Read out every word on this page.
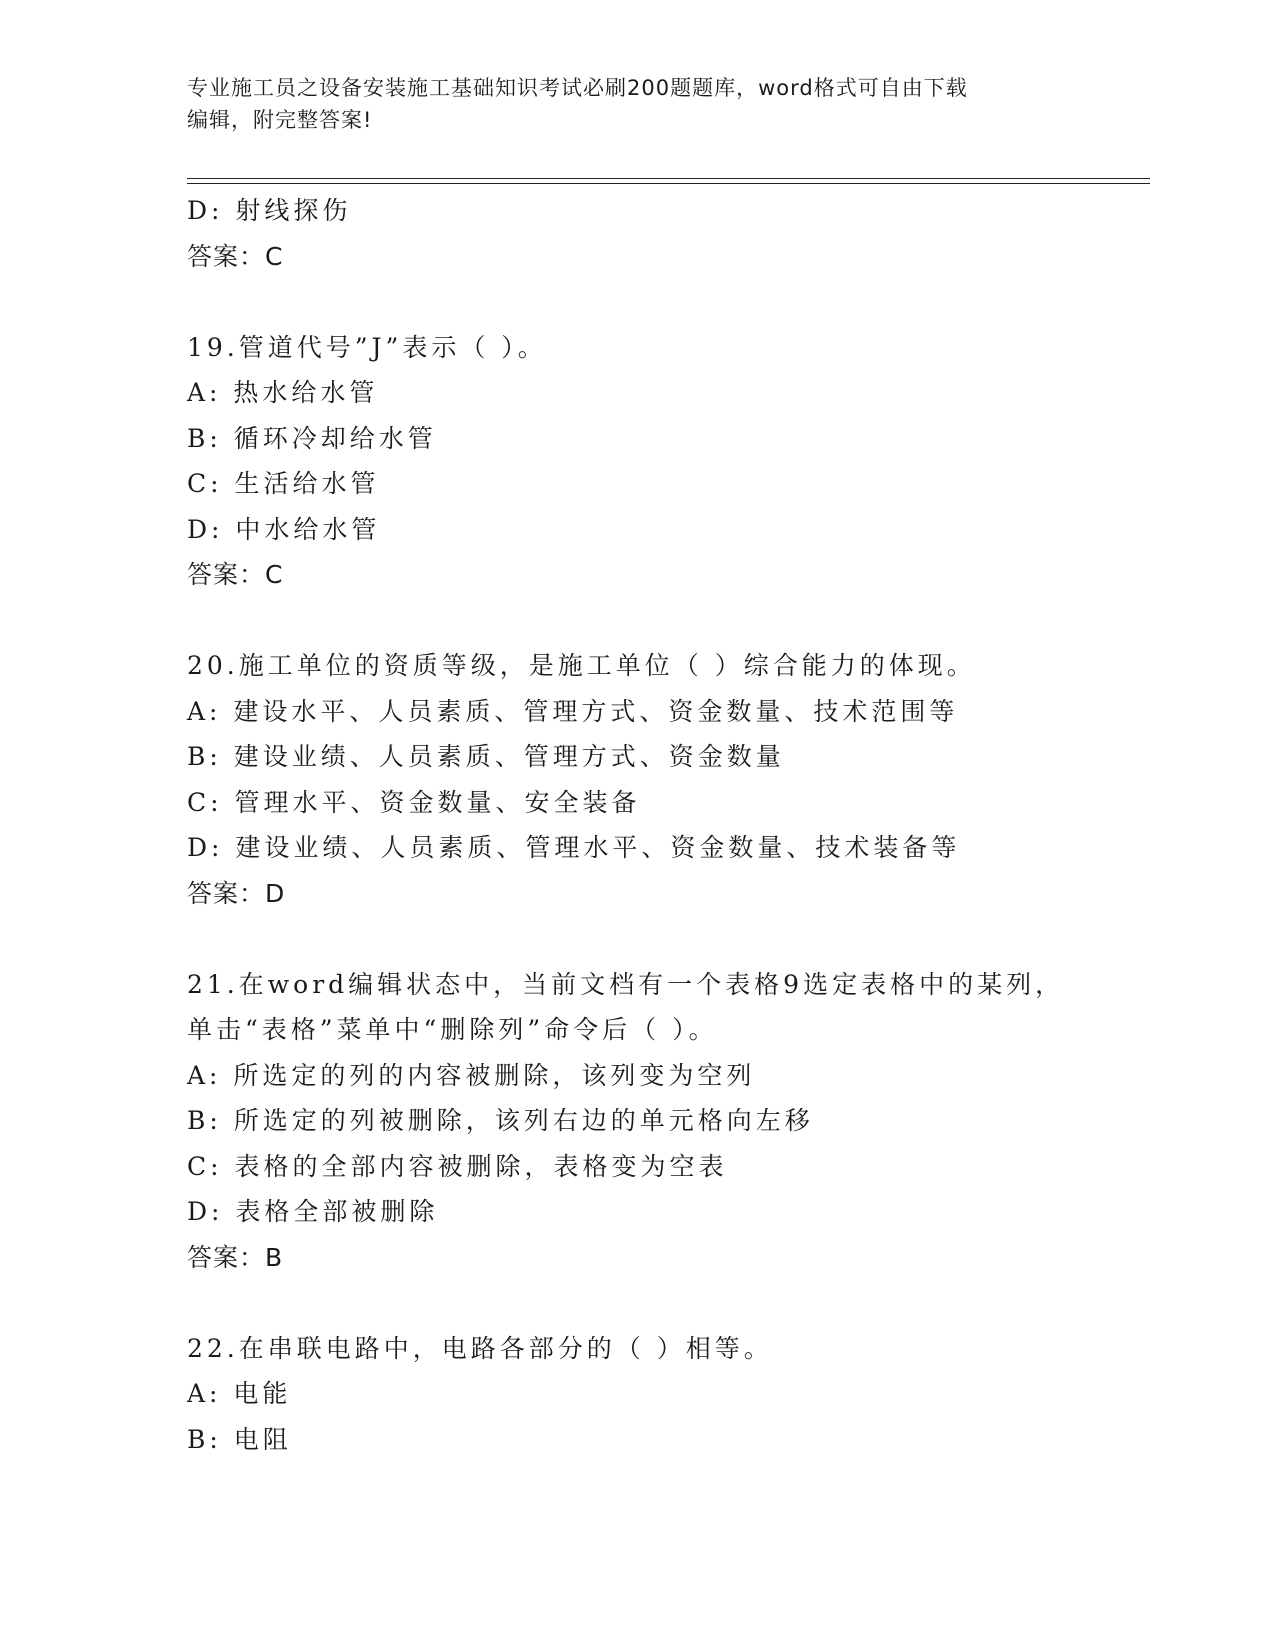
专业施工员之设备安装施工基础知识考试必刷200题题库，word格式可自由下载
编辑，附完整答案!
D: 射线探伤
答案：C
19.管道代号”J”表示（ ）。
A: 热水给水管
B: 循环冷却给水管
C: 生活给水管
D: 中水给水管
答案：C
20.施工单位的资质等级，是施工单位（ ）综合能力的体现。
A: 建设水平、人员素质、管理方式、资金数量、技术范围等
B: 建设业绩、人员素质、管理方式、资金数量
C: 管理水平、资金数量、安全装备
D: 建设业绩、人员素质、管理水平、资金数量、技术装备等
答案：D
21.在word编辑状态中，当前文档有一个表格9选定表格中的某列，
单击“表格”菜单中“删除列”命令后（ ）。
A: 所选定的列的内容被删除，该列变为空列
B: 所选定的列被删除，该列右边的单元格向左移
C: 表格的全部内容被删除，表格变为空表
D: 表格全部被删除
答案：B
22.在串联电路中，电路各部分的（ ）相等。
A: 电能
B: 电阻
